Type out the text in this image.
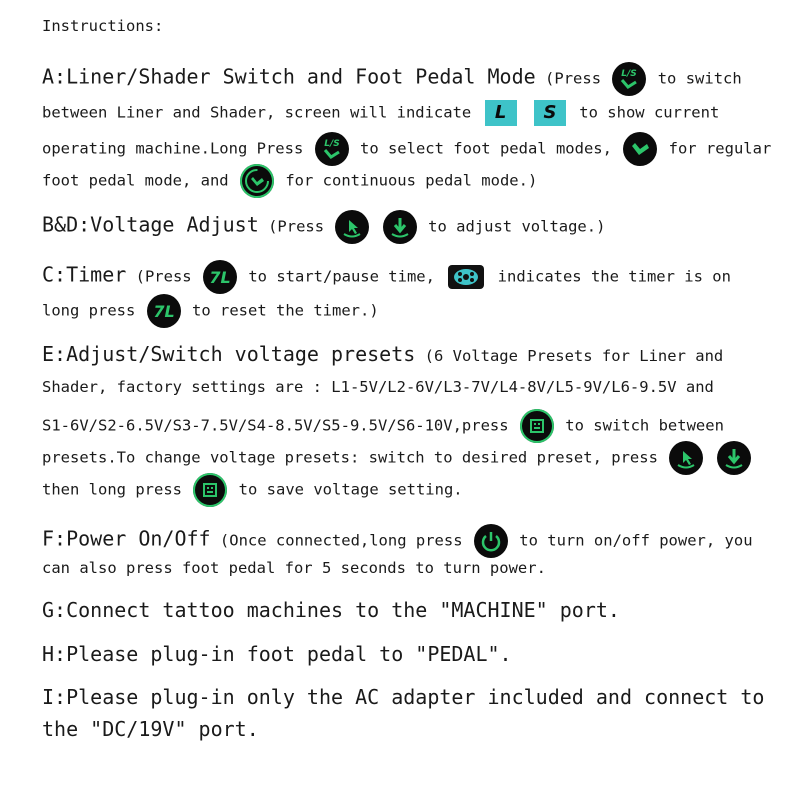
Instructions:
A:Liner/Shader Switch and Foot Pedal Mode (Press L/S to switch
between Liner and Shader, screen will indicate L S to show current
operating machine.Long Press L/S to select foot pedal modes,	for regular
foot pedal mode, and	for continuous pedal mode.)
B&D:Voltage Adjust (Press
	to adjust voltage.)
C:Timer (Press 7L to start/pause time,	indicates the timer is on
long press 7L to reset the timer.)
E:Adjust/Switch voltage presets (6 Voltage Presets for Liner and
Shader, factory settings are : L1-5V/L2-6V/L3-7V/L4-8V/L5-9V/L6-9.5V and
S1-6V/S2-6.5V/S3-7.5V/S4-8.5V/S5-9.5V/S6-10V,press	to switch between
presets.To change voltage presets: switch to desired preset, press

then long press	to save voltage setting.
F:Power On/Off (Once connected,long press	to turn on/off power, you
can also press foot pedal for 5 seconds to turn power.
G:Connect tattoo machines to the "MACHINE" port.
H:Please plug-in foot pedal to "PEDAL".
I:Please plug-in only the AC adapter included and connect to
the "DC/19V" port.
